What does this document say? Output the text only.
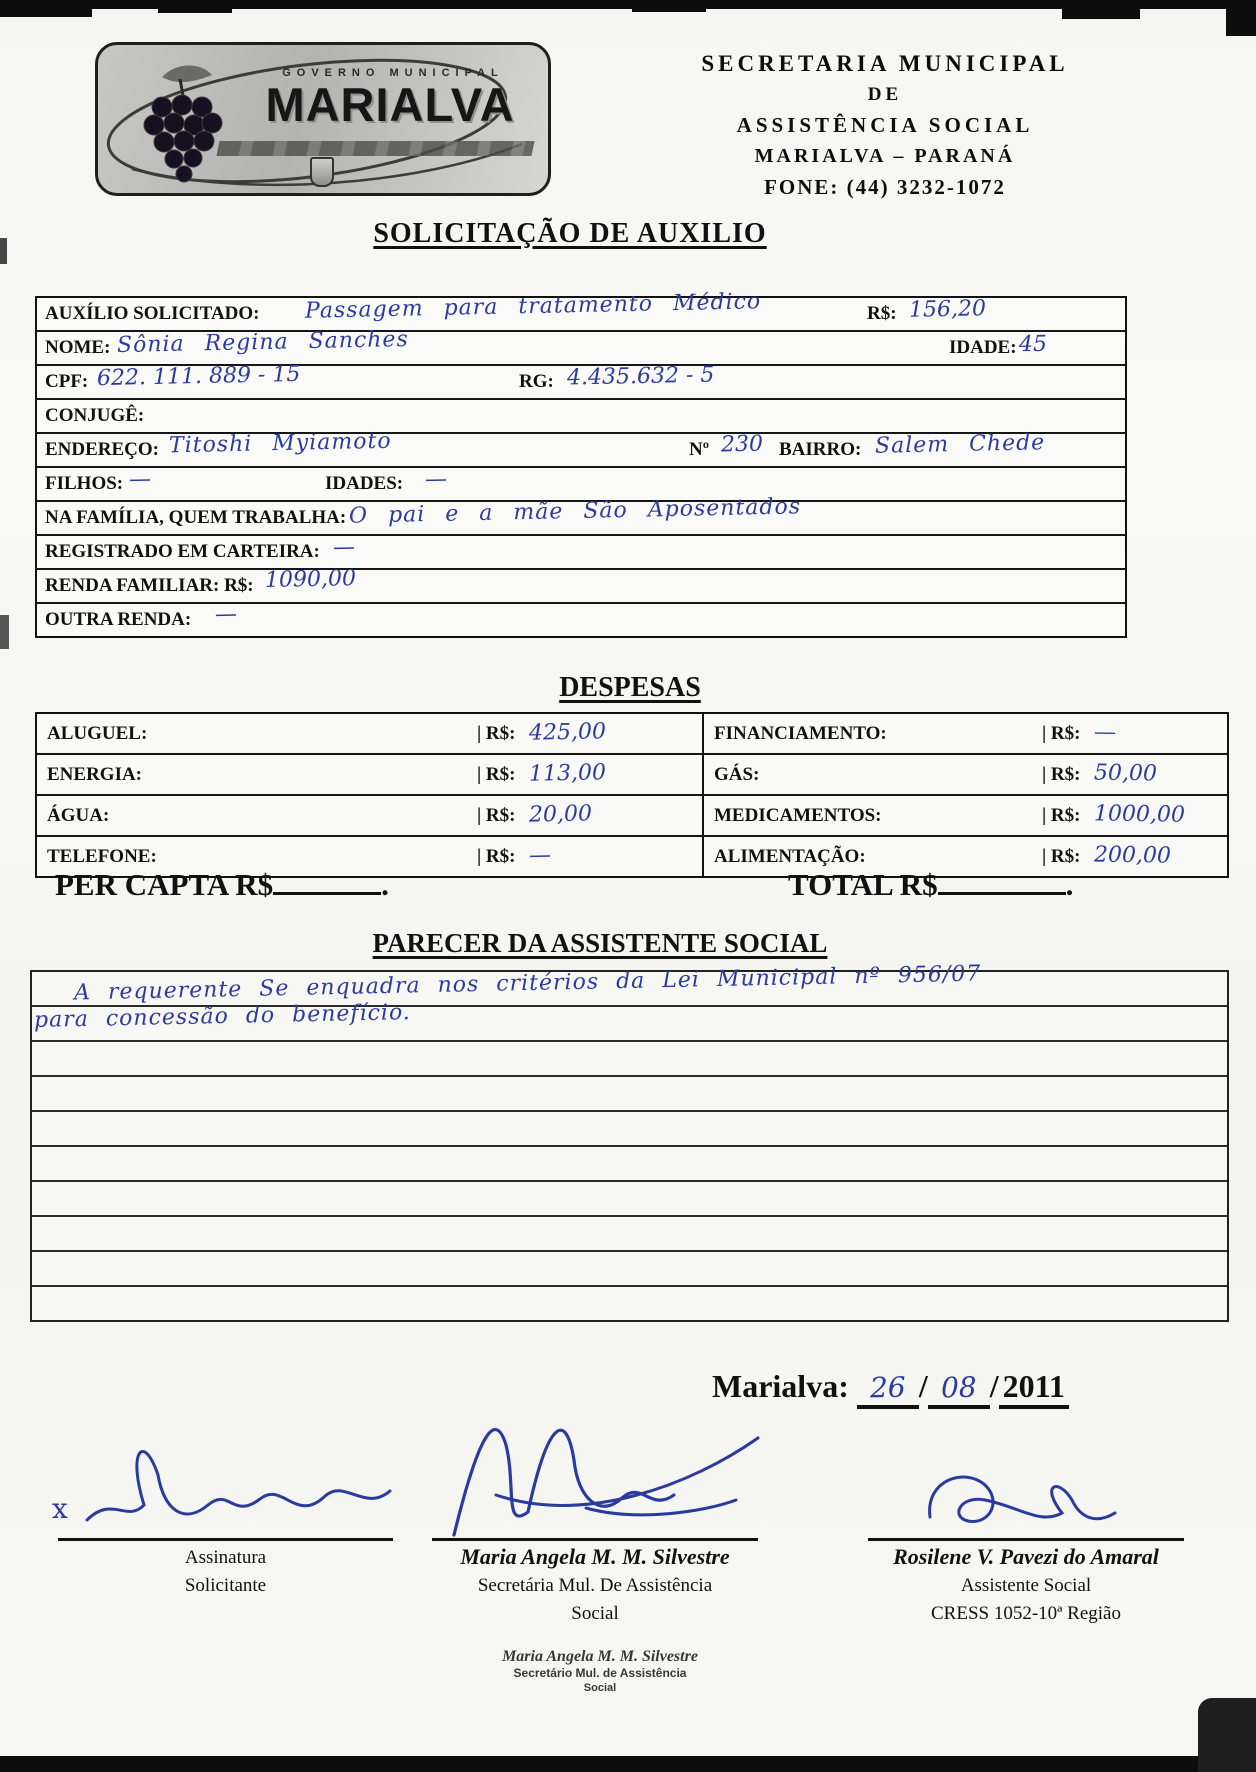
GOVERNO MUNICIPAL
MARIALVA
SECRETARIA MUNICIPAL
DE
ASSISTÊNCIA SOCIAL
MARIALVA – PARANÁ
FONE: (44) 3232-1072
SOLICITAÇÃO DE AUXILIO
AUXÍLIO SOLICITADO: Passagem para tratamento Médico	R$: 156,20
NOME: Sônia Regina Sanches	IDADE: 45
CPF: 622. 111. 889 - 15	RG: 4.435.632 - 5
CONJUGÊ:
ENDEREÇO: Titoshi Myiamoto	Nº 230 BAIRRO: Salem Chede
FILHOS: —	IDADES: —
NA FAMÍLIA, QUEM TRABALHA: O pai e a mãe São Aposentados
REGISTRADO EM CARTEIRA: —
RENDA FAMILIAR: R$: 1090,00
OUTRA RENDA: —
DESPESAS
ALUGUEL:	| R$: 425,00	FINANCIAMENTO:	| R$: —
ENERGIA:	| R$: 113,00	GÁS:	| R$: 50,00
ÁGUA:	| R$: 20,00	MEDICAMENTOS:	| R$: 1000,00
TELEFONE:	| R$: —	ALIMENTAÇÃO:	| R$: 200,00
PER CAPTA R$	.	TOTAL R$	.
PARECER DA ASSISTENTE SOCIAL
A requerente Se enquadra nos critérios da Lei Municipal nº 956/07
para concessão do benefício.
Marialva: 26 / 08 / 2011
x
Assinatura
Solicitante
Maria Angela M. M. Silvestre
Secretária Mul. De Assistência
Social
Rosilene V. Pavezi do Amaral
Assistente Social
CRESS 1052-10ª Região
Maria Angela M. M. Silvestre
Secretário Mul. de Assistência
Social
